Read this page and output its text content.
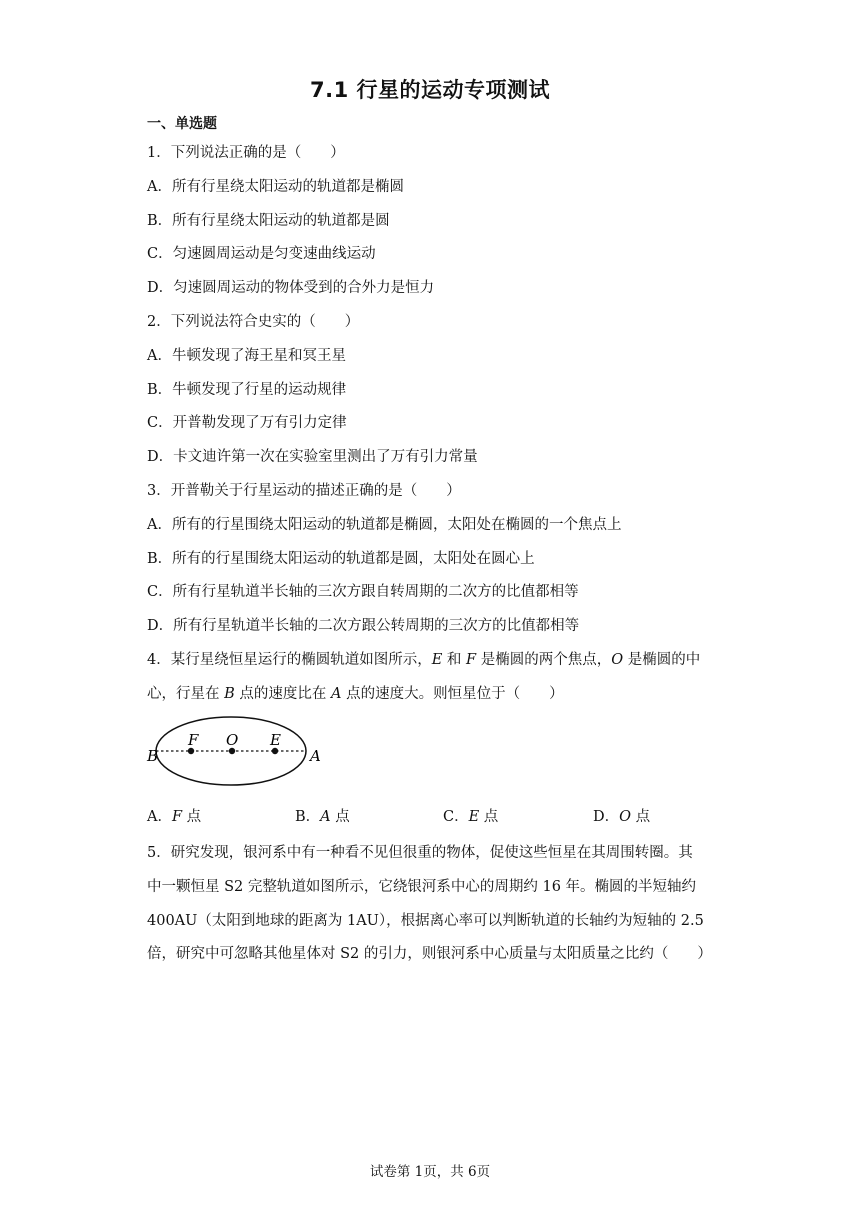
7.1 行星的运动专项测试
一、单选题
1．下列说法正确的是（　　）
A．所有行星绕太阳运动的轨道都是椭圆
B．所有行星绕太阳运动的轨道都是圆
C．匀速圆周运动是匀变速曲线运动
D．匀速圆周运动的物体受到的合外力是恒力
2．下列说法符合史实的（　　）
A．牛顿发现了海王星和冥王星
B．牛顿发现了行星的运动规律
C．开普勒发现了万有引力定律
D．卡文迪许第一次在实验室里测出了万有引力常量
3．开普勒关于行星运动的描述正确的是（　　）
A．所有的行星围绕太阳运动的轨道都是椭圆，太阳处在椭圆的一个焦点上
B．所有的行星围绕太阳运动的轨道都是圆，太阳处在圆心上
C．所有行星轨道半长轴的三次方跟自转周期的二次方的比值都相等
D．所有行星轨道半长轴的二次方跟公转周期的三次方的比值都相等
4．某行星绕恒星运行的椭圆轨道如图所示，E 和 F 是椭圆的两个焦点，O 是椭圆的中
心，行星在 B 点的速度比在 A 点的速度大。则恒星位于（　　）
B
F O E
A
A．F 点	B．A 点	C．E 点	D．O 点
5．研究发现，银河系中有一种看不见但很重的物体，促使这些恒星在其周围转圈。其
中一颗恒星 S2 完整轨道如图所示，它绕银河系中心的周期约 16 年。椭圆的半短轴约
400AU（太阳到地球的距离为 1AU），根据离心率可以判断轨道的长轴约为短轴的 2.5
倍，研究中可忽略其他星体对 S2 的引力，则银河系中心质量与太阳质量之比约（　　）
试卷第 1页，共 6页
